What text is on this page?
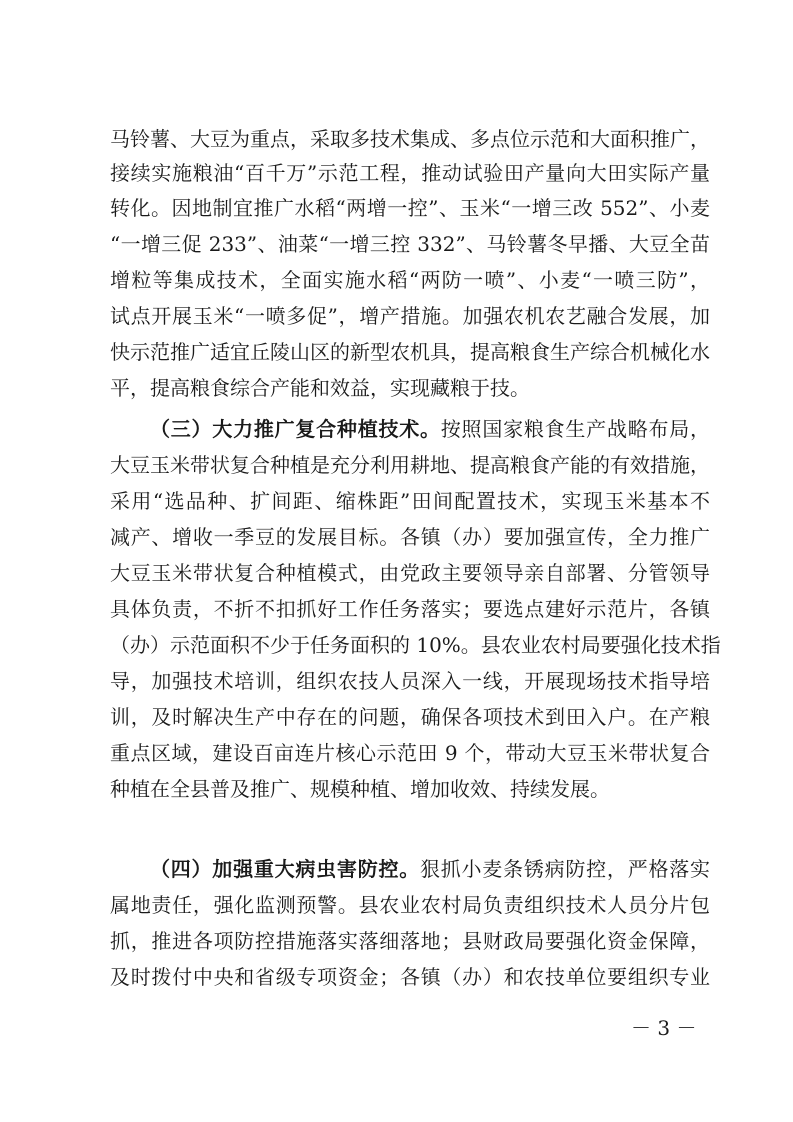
马铃薯、大豆为重点，采取多技术集成、多点位示范和大面积推广，
接续实施粮油“百千万”示范工程，推动试验田产量向大田实际产量
转化。因地制宜推广水稻“两增一控”、玉米“一增三改 552”、小麦
“一增三促 233”、油菜“一增三控 332”、马铃薯冬早播、大豆全苗
增粒等集成技术，全面实施水稻“两防一喷”、小麦“一喷三防”，
试点开展玉米“一喷多促”，增产措施。加强农机农艺融合发展，加
快示范推广适宜丘陵山区的新型农机具，提高粮食生产综合机械化水
平，提高粮食综合产能和效益，实现藏粮于技。
（三）大力推广复合种植技术。按照国家粮食生产战略布局，
大豆玉米带状复合种植是充分利用耕地、提高粮食产能的有效措施，
采用“选品种、扩间距、缩株距”田间配置技术，实现玉米基本不
减产、增收一季豆的发展目标。各镇（办）要加强宣传，全力推广
大豆玉米带状复合种植模式，由党政主要领导亲自部署、分管领导
具体负责，不折不扣抓好工作任务落实；要选点建好示范片，各镇
（办）示范面积不少于任务面积的 10%。县农业农村局要强化技术指
导，加强技术培训，组织农技人员深入一线，开展现场技术指导培
训，及时解决生产中存在的问题，确保各项技术到田入户。在产粮
重点区域，建设百亩连片核心示范田 9 个，带动大豆玉米带状复合
种植在全县普及推广、规模种植、增加收效、持续发展。
（四）加强重大病虫害防控。狠抓小麦条锈病防控，严格落实
属地责任，强化监测预警。县农业农村局负责组织技术人员分片包
抓，推进各项防控措施落实落细落地；县财政局要强化资金保障，
及时拨付中央和省级专项资金；各镇（办）和农技单位要组织专业
－ 3 －
